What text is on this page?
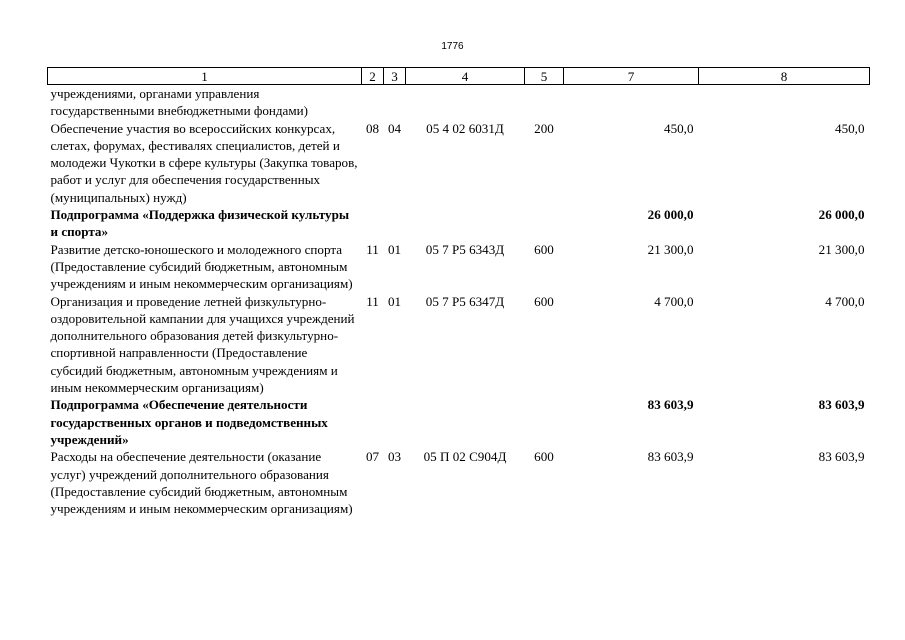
1776
1	2	3	4	5	7	8
учреждениями, органами управления государственными внебюджетными фондами)						
Обеспечение участия во всероссийских конкурсах, слетах, форумах, фестивалях специалистов, детей и молодежи Чукотки в сфере культуры (Закупка товаров, работ и услуг для обеспечения государственных (муниципальных) нужд)	08	04	05 4 02 6031Д	200	450,0	450,0
Подпрограмма «Поддержка физической культуры и спорта»					26 000,0	26 000,0
Развитие детско-юношеского и молодежного спорта (Предоставление субсидий бюджетным, автономным учреждениям и иным некоммерческим организациям)	11	01	05 7 Р5 6343Д	600	21 300,0	21 300,0
Организация и проведение летней физкультурно-оздоровительной кампании для учащихся учреждений дополнительного образования детей физкультурно-спортивной направленности (Предоставление субсидий бюджетным, автономным учреждениям и иным некоммерческим организациям)	11	01	05 7 Р5 6347Д	600	4 700,0	4 700,0
Подпрограмма «Обеспечение деятельности государственных органов и подведомственных учреждений»					83 603,9	83 603,9
Расходы на обеспечение деятельности (оказание услуг) учреждений дополнительного образования (Предоставление субсидий бюджетным, автономным учреждениям и иным некоммерческим организациям)	07	03	05 П 02 С904Д	600	83 603,9	83 603,9
